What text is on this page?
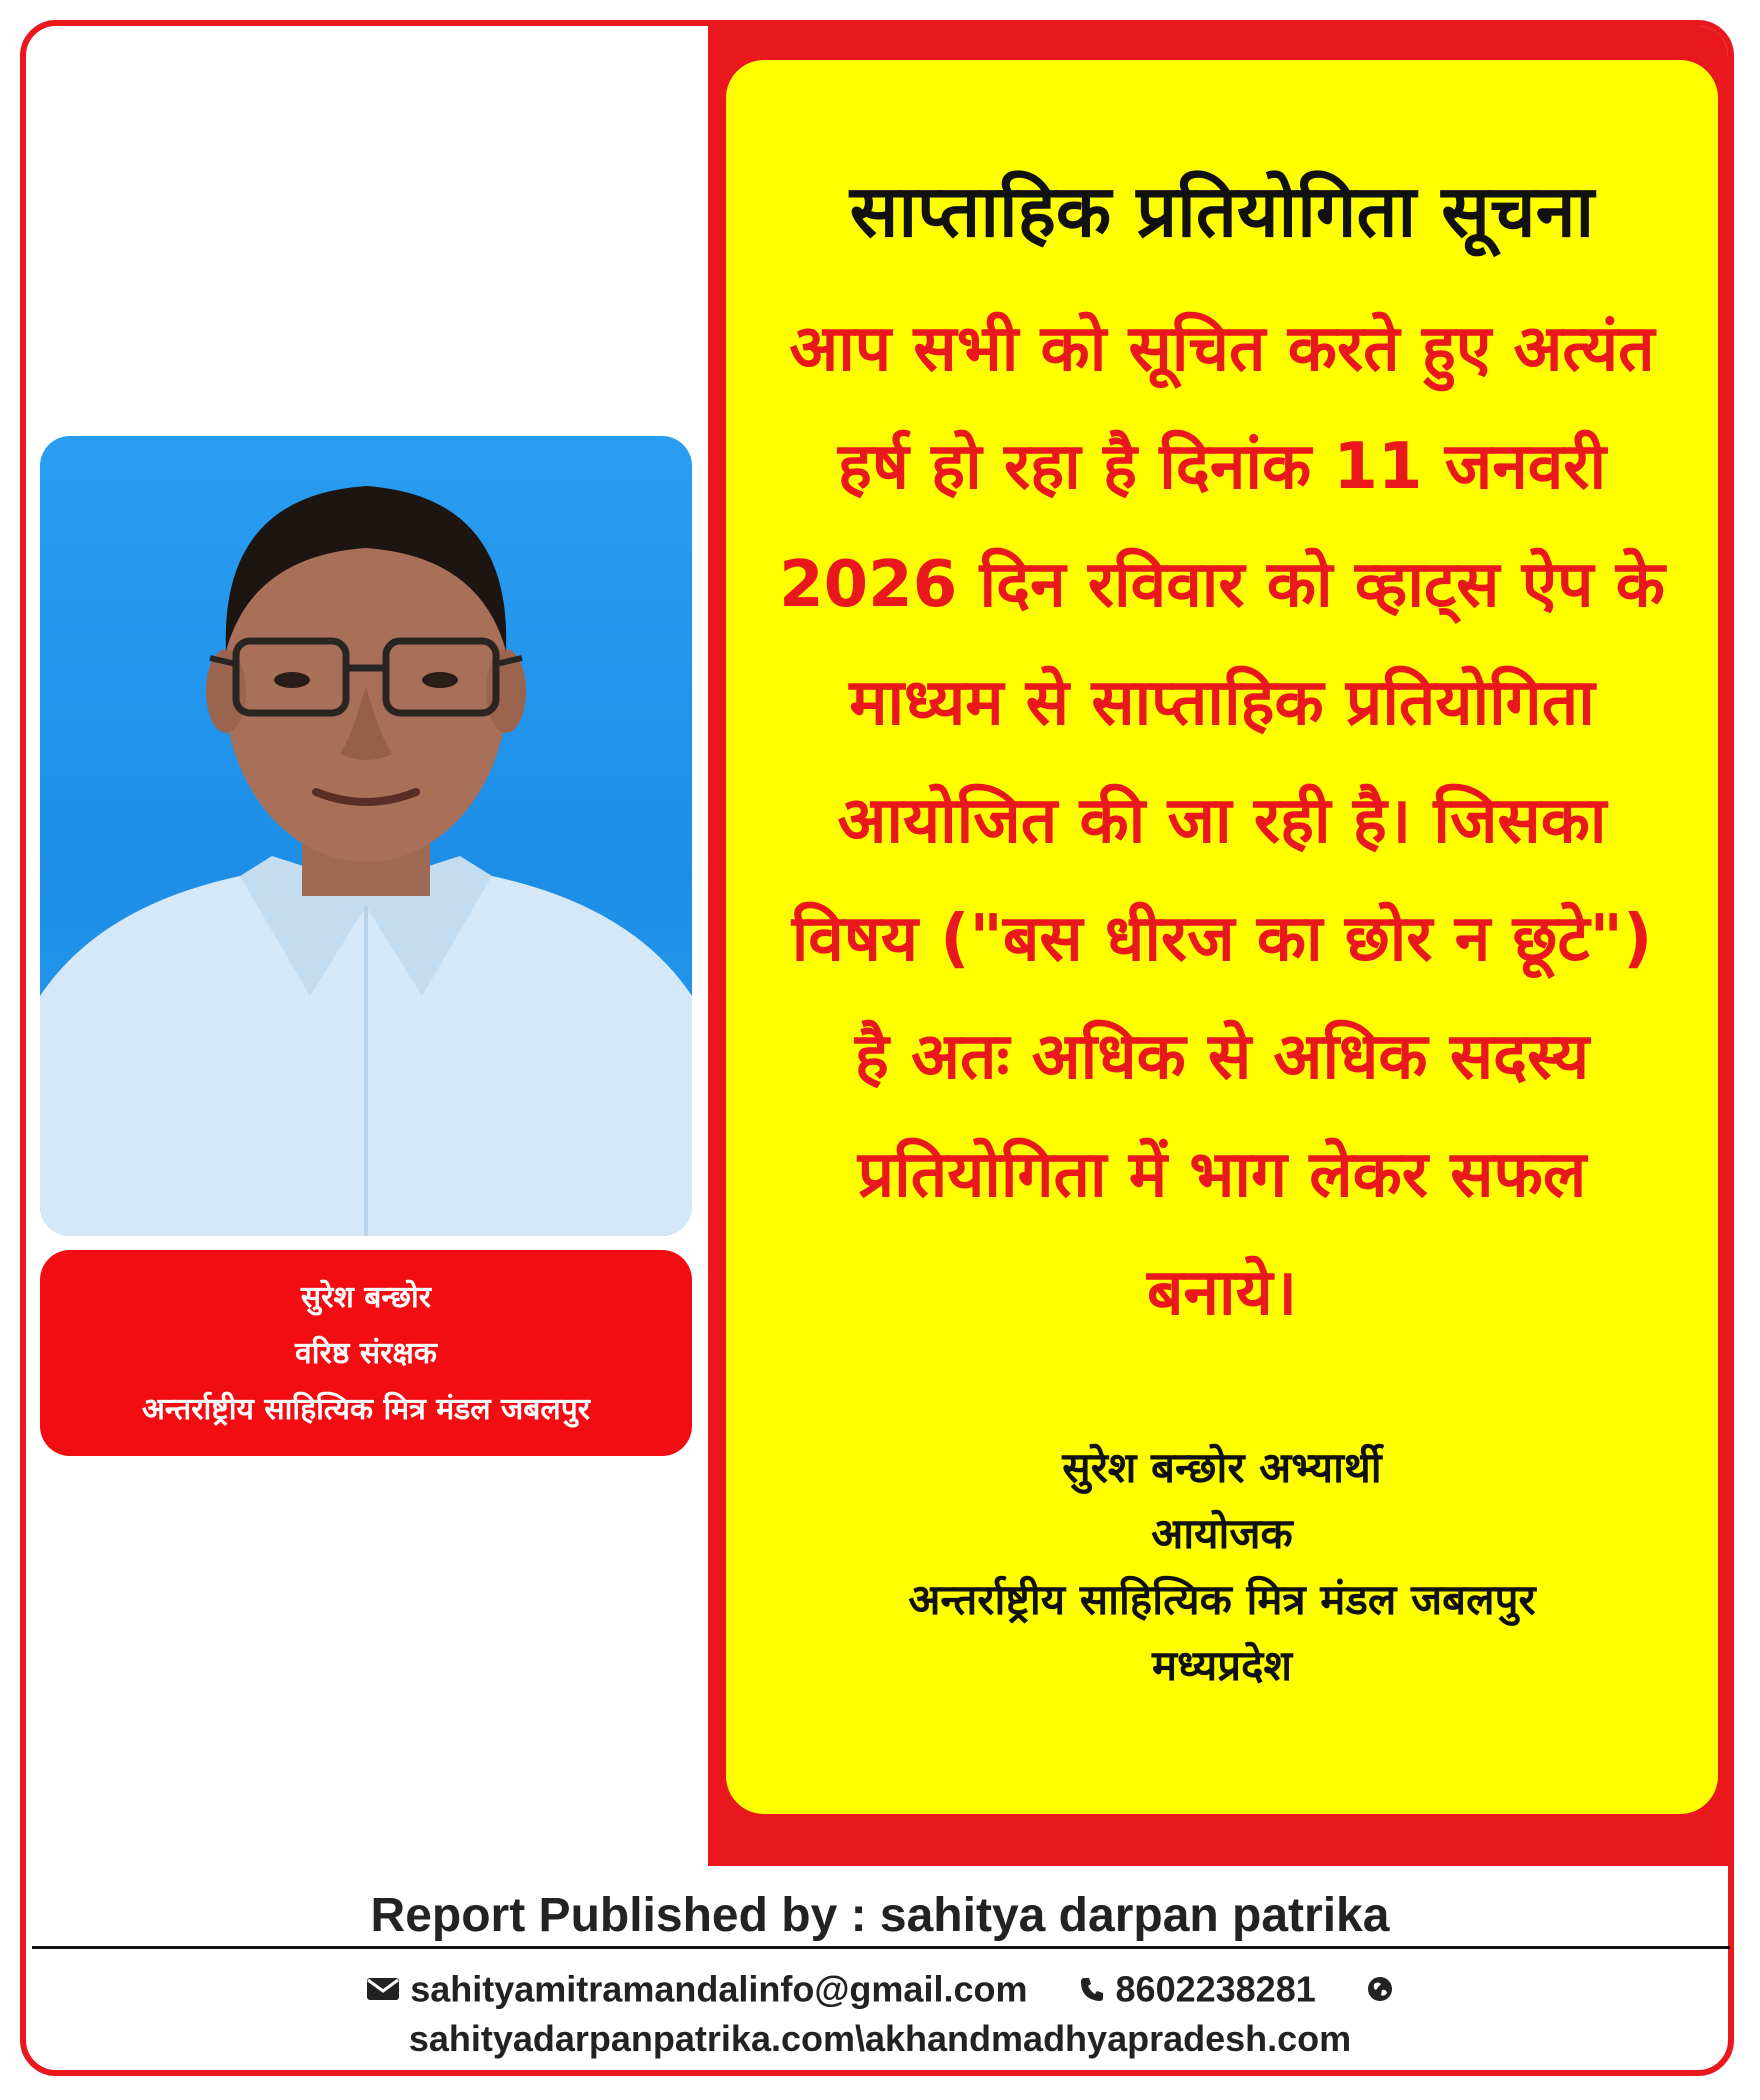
साप्ताहिक प्रतियोगिता सूचना
आप सभी को सूचित करते हुए अत्यंत
हर्ष हो रहा है दिनांक 11 जनवरी
2026 दिन रविवार को व्हाट्स ऐप के
माध्यम से साप्ताहिक प्रतियोगिता
आयोजित की जा रही है। जिसका
विषय ("बस धीरज का छोर न छूटे")
है अतः अधिक से अधिक सदस्य
प्रतियोगिता में भाग लेकर सफल
बनाये।
सुरेश बन्छोर अभ्यार्थी
आयोजक
अन्तर्राष्ट्रीय साहित्यिक मित्र मंडल जबलपुर
मध्यप्रदेश
सुरेश बन्छोर
वरिष्ठ संरक्षक
अन्तर्राष्ट्रीय साहित्यिक मित्र मंडल जबलपुर
Report Published by : sahitya darpan patrika
sahityamitramandalinfo@gmail.com 8602238281
sahityadarpanpatrika.com\akhandmadhyapradesh.com
